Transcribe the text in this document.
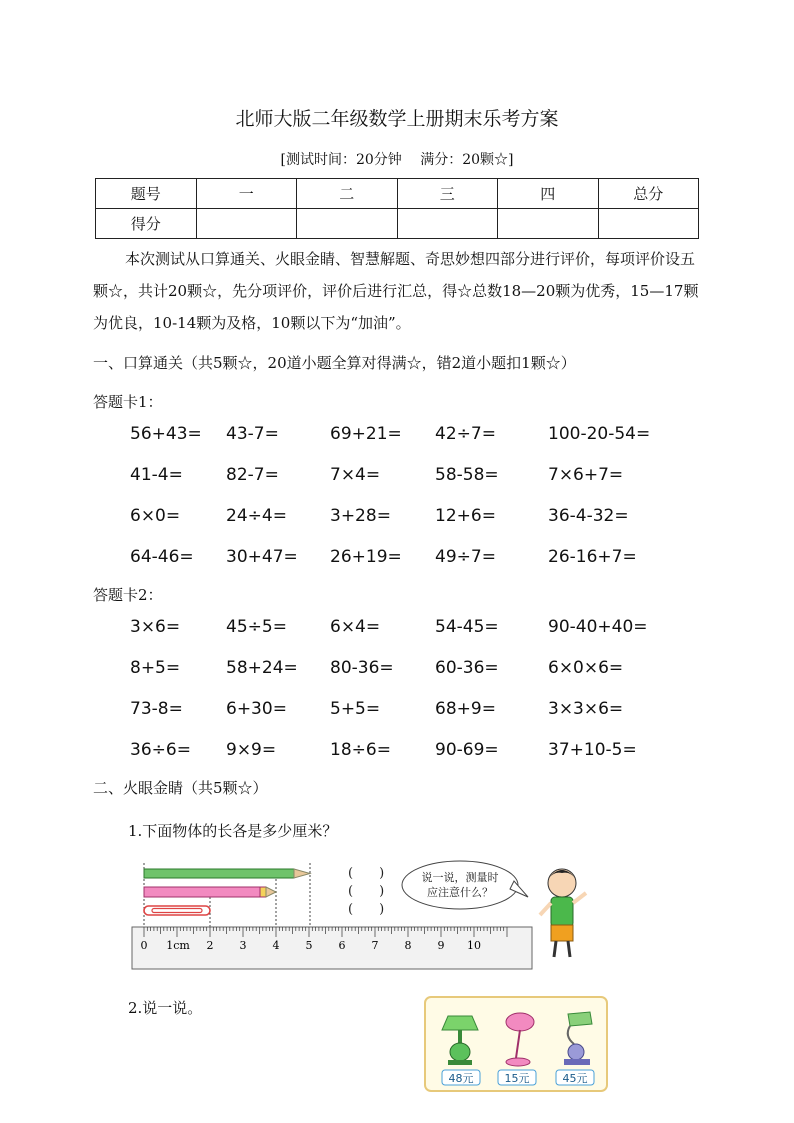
北师大版二年级数学上册期末乐考方案
[测试时间：20分钟　 满分：20颗☆]
题号	一	二	三	四	总分
得分					
本次测试从口算通关、火眼金睛、智慧解题、奇思妙想四部分进行评价，每项评价设五颗☆，共计20颗☆，先分项评价，评价后进行汇总，得☆总数18—20颗为优秀，15—17颗为优良，10-14颗为及格，10颗以下为“加油”。
一、口算通关（共5颗☆，20道小题全算对得满☆，错2道小题扣1颗☆）
答题卡1：
56+43= 43-7=	69+21= 42÷7=	100-20-54=
41-4=	82-7=	7×4=	58-58=	7×6+7=
6×0=	24÷4=	3+28=	12+6=	36-4-32=
64-46= 30+47= 26+19= 49÷7=	26-16+7=
答题卡2：
3×6=	45÷5=	6×4=	54-45=	90-40+40=
8+5=	58+24= 80-36= 60-36=	6×0×6=
73-8=	6+30=	5+5=	68+9=	3×3×6=
36÷6= 9×9=	18÷6=	90-69=	37+10-5=
二、火眼金睛（共5颗☆）
1.下面物体的长各是多少厘米？
(　　)
(　　)
(　　)
0 1cm 2 3 4 5 6 7 8 9 10
说一说，测量时
应注意什么？
2.说一说。
48元	15元	45元
